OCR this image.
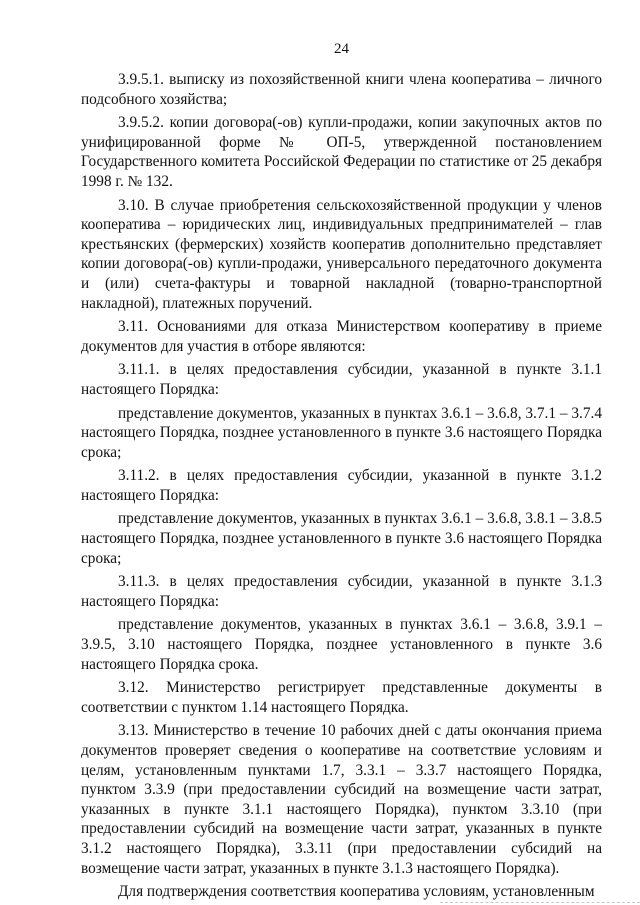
24

3.9.5.1. выписку из похозяйственной книги члена кооператива – личного подсобного хозяйства;

3.9.5.2. копии договора(-ов) купли-продажи, копии закупочных актов по унифицированной форме № ОП-5, утвержденной постановлением Государственного комитета Российской Федерации по статистике от 25 декабря 1998 г. № 132.

3.10. В случае приобретения сельскохозяйственной продукции у членов кооператива – юридических лиц, индивидуальных предпринимателей – глав крестьянских (фермерских) хозяйств кооператив дополнительно представляет копии договора(-ов) купли-продажи, универсального передаточного документа и (или) счета-фактуры и товарной накладной (товарно-транспортной накладной), платежных поручений.

3.11. Основаниями для отказа Министерством кооперативу в приеме документов для участия в отборе являются:

3.11.1. в целях предоставления субсидии, указанной в пункте 3.1.1 настоящего Порядка:

представление документов, указанных в пунктах 3.6.1 – 3.6.8, 3.7.1 – 3.7.4 настоящего Порядка, позднее установленного в пункте 3.6 настоящего Порядка срока;

3.11.2. в целях предоставления субсидии, указанной в пункте 3.1.2 настоящего Порядка:

представление документов, указанных в пунктах 3.6.1 – 3.6.8, 3.8.1 – 3.8.5 настоящего Порядка, позднее установленного в пункте 3.6 настоящего Порядка срока;

3.11.3. в целях предоставления субсидии, указанной в пункте 3.1.3 настоящего Порядка:

представление документов, указанных в пунктах 3.6.1 – 3.6.8, 3.9.1 – 3.9.5, 3.10 настоящего Порядка, позднее установленного в пункте 3.6 настоящего Порядка срока.

3.12. Министерство регистрирует представленные документы в соответствии с пунктом 1.14 настоящего Порядка.

3.13. Министерство в течение 10 рабочих дней с даты окончания приема документов проверяет сведения о кооперативе на соответствие условиям и целям, установленным пунктами 1.7, 3.3.1 – 3.3.7 настоящего Порядка, пунктом 3.3.9 (при предоставлении субсидий на возмещение части затрат, указанных в пункте 3.1.1 настоящего Порядка), пунктом 3.3.10 (при предоставлении субсидий на возмещение части затрат, указанных в пункте 3.1.2 настоящего Порядка), 3.3.11 (при предоставлении субсидий на возмещение части затрат, указанных в пункте 3.1.3 настоящего Порядка).

Для подтверждения соответствия кооператива условиям, установленным
